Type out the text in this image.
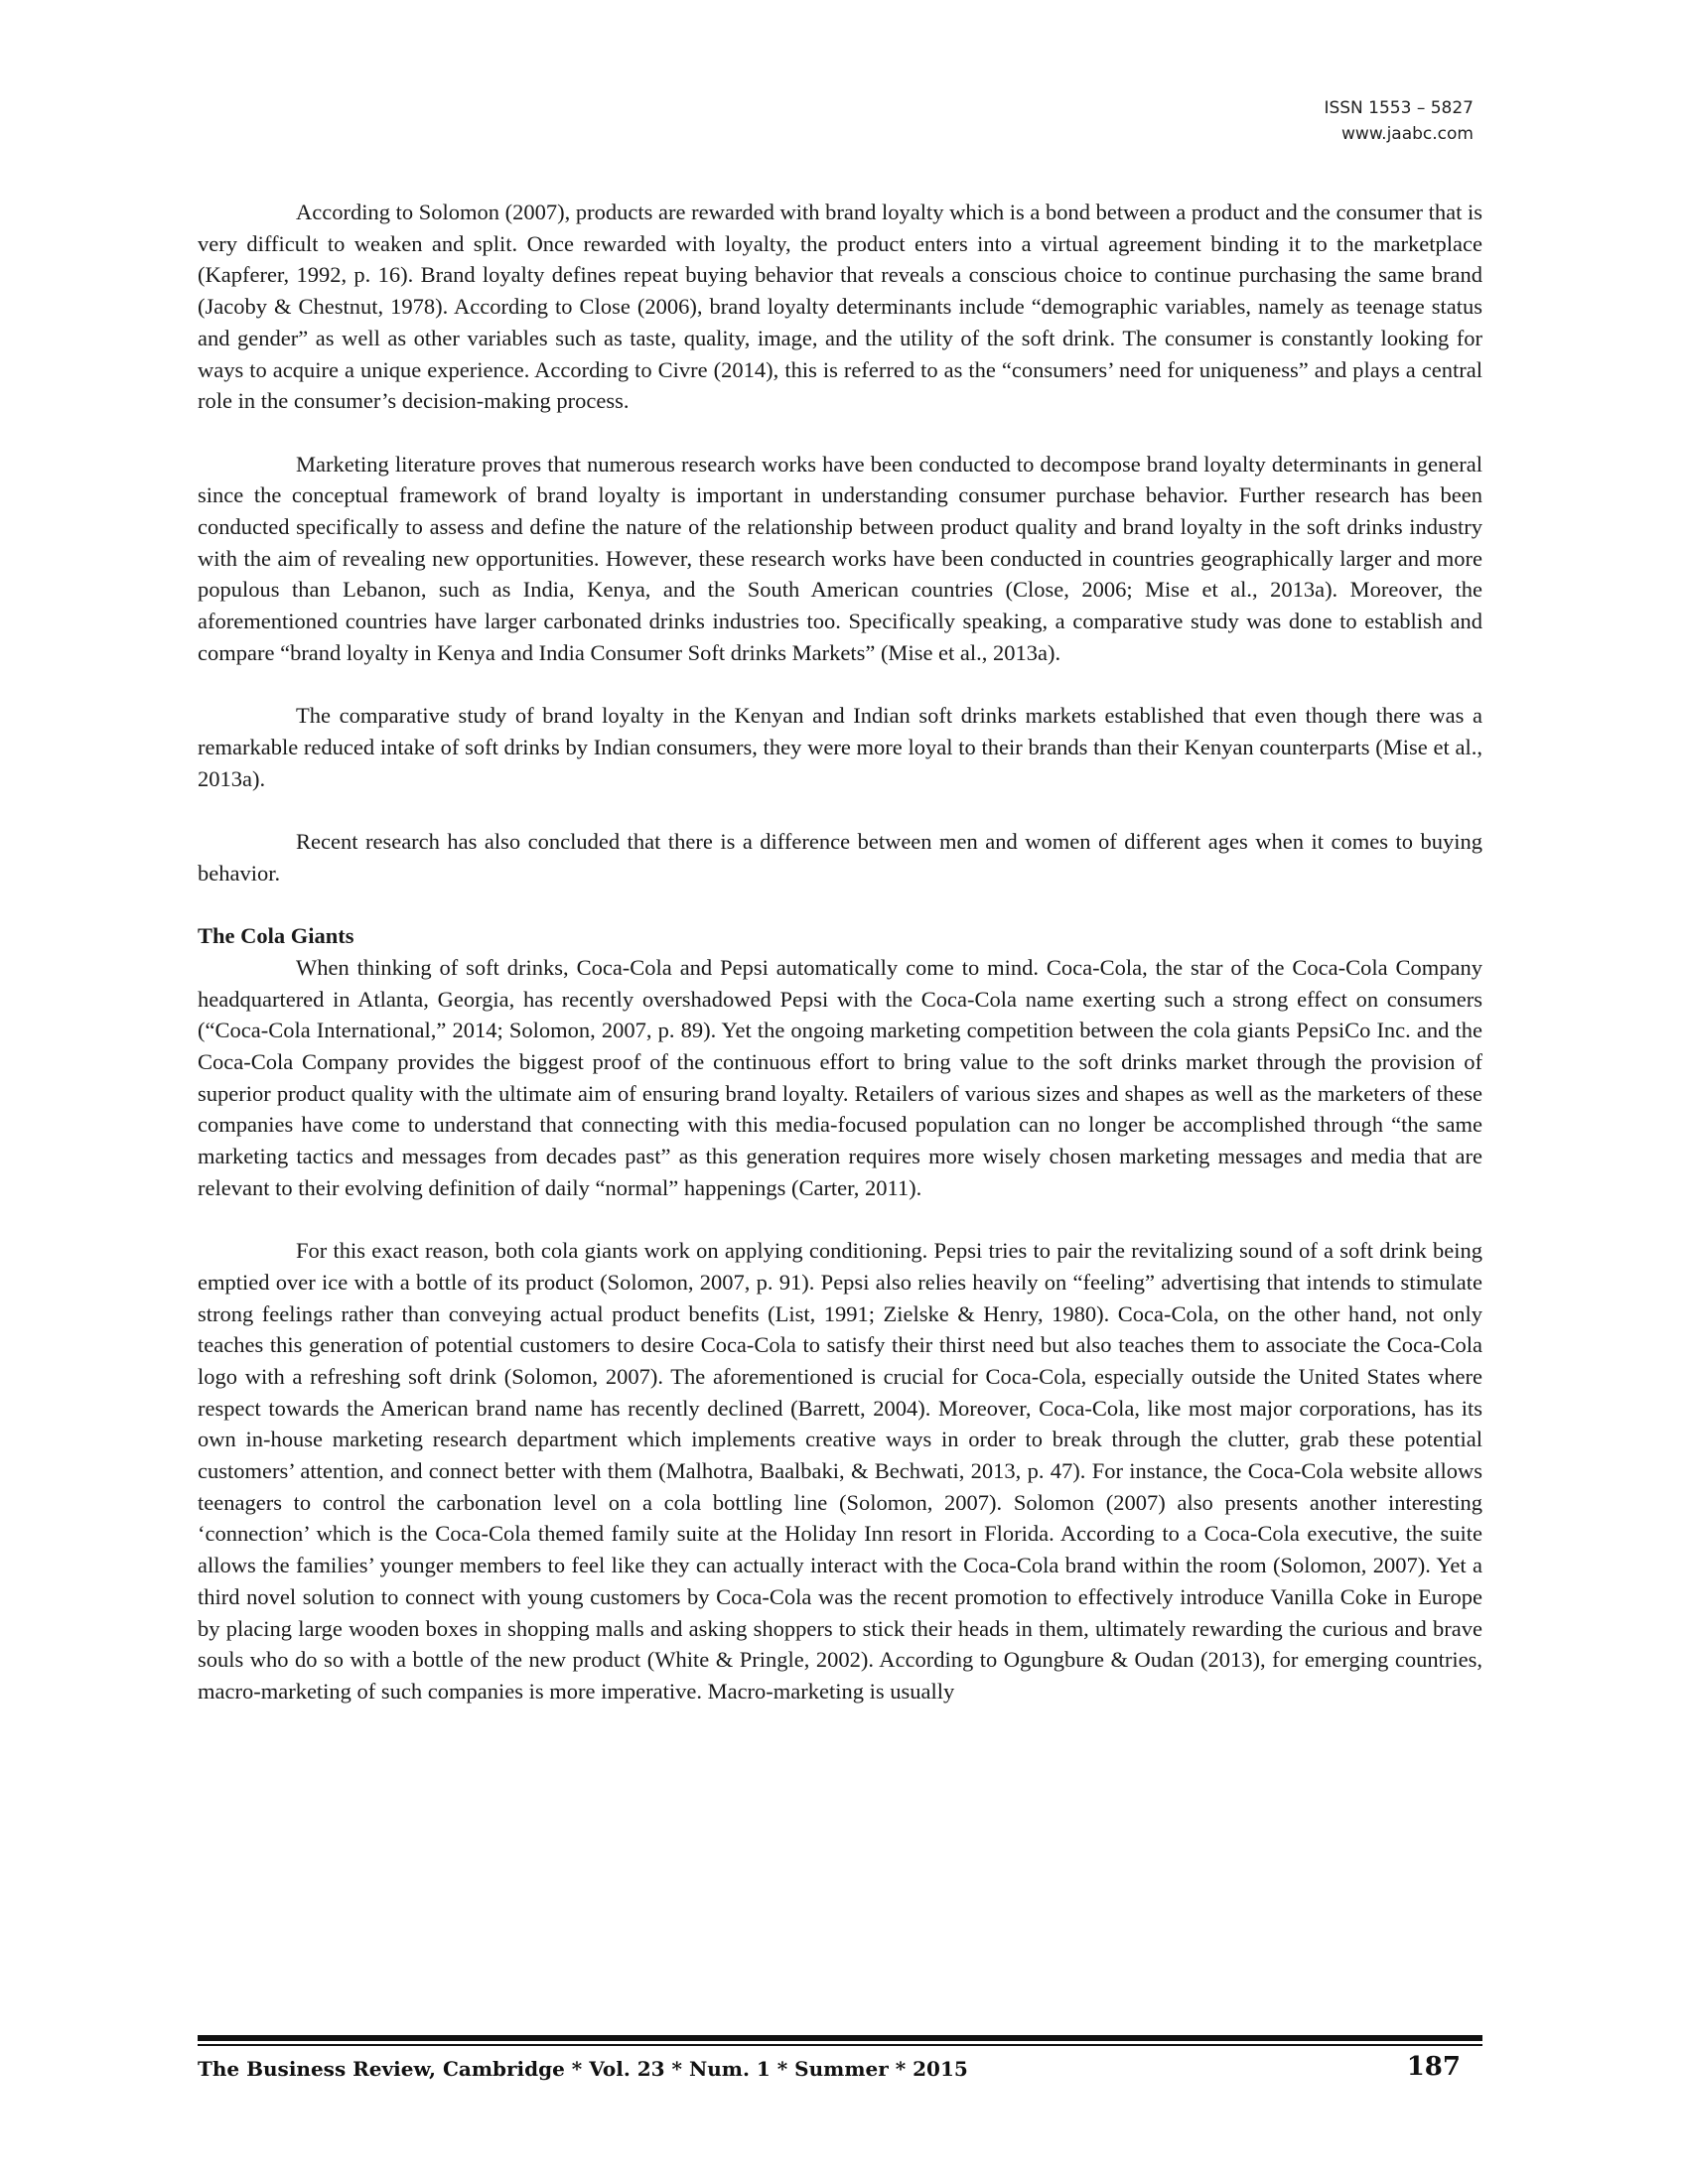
ISSN 1553 – 5827
www.jaabc.com

According to Solomon (2007), products are rewarded with brand loyalty which is a bond between a product and the consumer that is very difficult to weaken and split. Once rewarded with loyalty, the product enters into a virtual agreement binding it to the marketplace (Kapferer, 1992, p. 16). Brand loyalty defines repeat buying behavior that reveals a conscious choice to continue purchasing the same brand (Jacoby & Chestnut, 1978). According to Close (2006), brand loyalty determinants include “demographic variables, namely as teenage status and gender” as well as other variables such as taste, quality, image, and the utility of the soft drink. The consumer is constantly looking for ways to acquire a unique experience. According to Civre (2014), this is referred to as the “consumers’ need for uniqueness” and plays a central role in the consumer’s decision-making process.

Marketing literature proves that numerous research works have been conducted to decompose brand loyalty determinants in general since the conceptual framework of brand loyalty is important in understanding consumer purchase behavior. Further research has been conducted specifically to assess and define the nature of the relationship between product quality and brand loyalty in the soft drinks industry with the aim of revealing new opportunities. However, these research works have been conducted in countries geographically larger and more populous than Lebanon, such as India, Kenya, and the South American countries (Close, 2006; Mise et al., 2013a). Moreover, the aforementioned countries have larger carbonated drinks industries too. Specifically speaking, a comparative study was done to establish and compare “brand loyalty in Kenya and India Consumer Soft drinks Markets” (Mise et al., 2013a).

The comparative study of brand loyalty in the Kenyan and Indian soft drinks markets established that even though there was a remarkable reduced intake of soft drinks by Indian consumers, they were more loyal to their brands than their Kenyan counterparts (Mise et al., 2013a).

Recent research has also concluded that there is a difference between men and women of different ages when it comes to buying behavior.

The Cola Giants

When thinking of soft drinks, Coca-Cola and Pepsi automatically come to mind. Coca-Cola, the star of the Coca-Cola Company headquartered in Atlanta, Georgia, has recently overshadowed Pepsi with the Coca-Cola name exerting such a strong effect on consumers (“Coca-Cola International,” 2014; Solomon, 2007, p. 89). Yet the ongoing marketing competition between the cola giants PepsiCo Inc. and the Coca-Cola Company provides the biggest proof of the continuous effort to bring value to the soft drinks market through the provision of superior product quality with the ultimate aim of ensuring brand loyalty. Retailers of various sizes and shapes as well as the marketers of these companies have come to understand that connecting with this media-focused population can no longer be accomplished through “the same marketing tactics and messages from decades past” as this generation requires more wisely chosen marketing messages and media that are relevant to their evolving definition of daily “normal” happenings (Carter, 2011).

For this exact reason, both cola giants work on applying conditioning. Pepsi tries to pair the revitalizing sound of a soft drink being emptied over ice with a bottle of its product (Solomon, 2007, p. 91). Pepsi also relies heavily on “feeling” advertising that intends to stimulate strong feelings rather than conveying actual product benefits (List, 1991; Zielske & Henry, 1980). Coca-Cola, on the other hand, not only teaches this generation of potential customers to desire Coca-Cola to satisfy their thirst need but also teaches them to associate the Coca-Cola logo with a refreshing soft drink (Solomon, 2007). The aforementioned is crucial for Coca-Cola, especially outside the United States where respect towards the American brand name has recently declined (Barrett, 2004). Moreover, Coca-Cola, like most major corporations, has its own in-house marketing research department which implements creative ways in order to break through the clutter, grab these potential customers’ attention, and connect better with them (Malhotra, Baalbaki, & Bechwati, 2013, p. 47). For instance, the Coca-Cola website allows teenagers to control the carbonation level on a cola bottling line (Solomon, 2007). Solomon (2007) also presents another interesting ‘connection’ which is the Coca-Cola themed family suite at the Holiday Inn resort in Florida. According to a Coca-Cola executive, the suite allows the families’ younger members to feel like they can actually interact with the Coca-Cola brand within the room (Solomon, 2007). Yet a third novel solution to connect with young customers by Coca-Cola was the recent promotion to effectively introduce Vanilla Coke in Europe by placing large wooden boxes in shopping malls and asking shoppers to stick their heads in them, ultimately rewarding the curious and brave souls who do so with a bottle of the new product (White & Pringle, 2002). According to Ogungbure & Oudan (2013), for emerging countries, macro-marketing of such companies is more imperative. Macro-marketing is usually

The Business Review, Cambridge * Vol. 23 * Num. 1 * Summer * 2015	187
